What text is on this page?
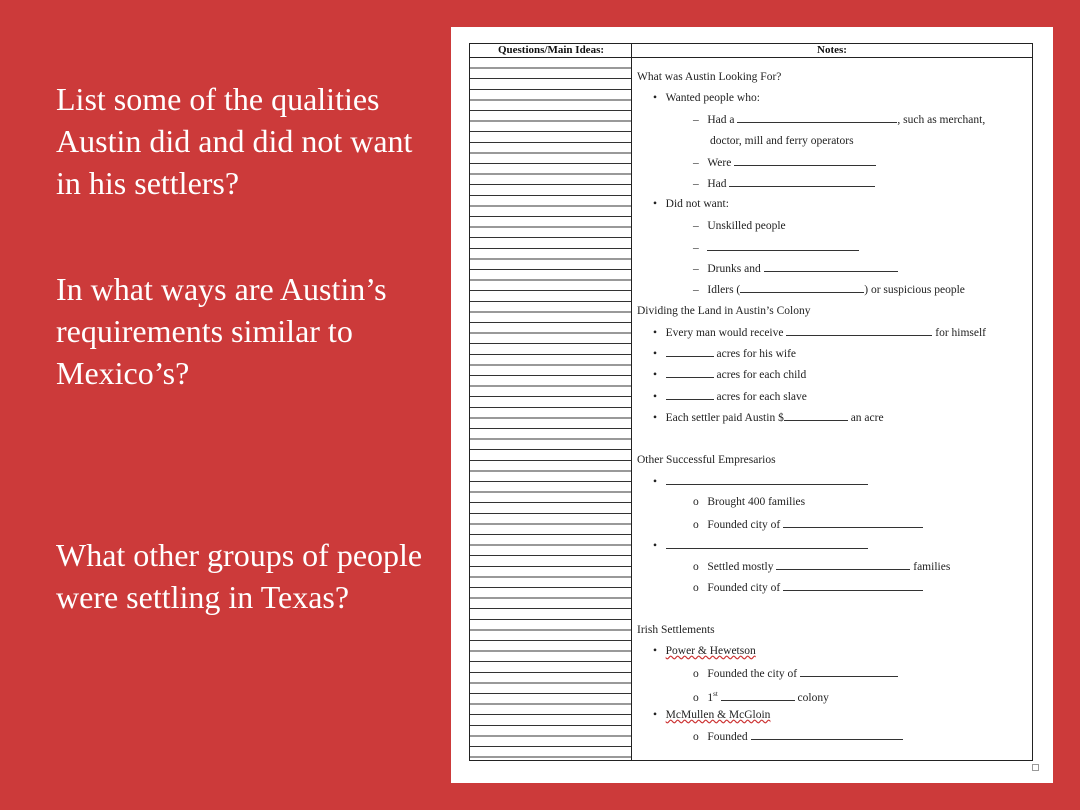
List some of the qualities Austin did and did not want in his settlers?

In what ways are Austin’s requirements similar to Mexico’s?

What other groups of people were settling in Texas?

Questions/Main Ideas:	Notes:
What was Austin Looking For?
•   Wanted people who:
–   Had a	, such as merchant,
doctor, mill and ferry operators
–   Were
–   Had
•   Did not want:
–   Unskilled people
–
–   Drunks and
–   Idlers (	) or suspicious people
Dividing the Land in Austin’s Colony
•   Every man would receive	for himself
•	acres for his wife
•	acres for each child
•	acres for each slave
•   Each settler paid Austin $	an acre
Other Successful Empresarios
•
o   Brought 400 families
o   Founded city of
•
o   Settled mostly	families
o   Founded city of
Irish Settlements
•   Power & Hewetson
o   Founded the city of
o   1st	colony
•   McMullen & McGloin
o   Founded
